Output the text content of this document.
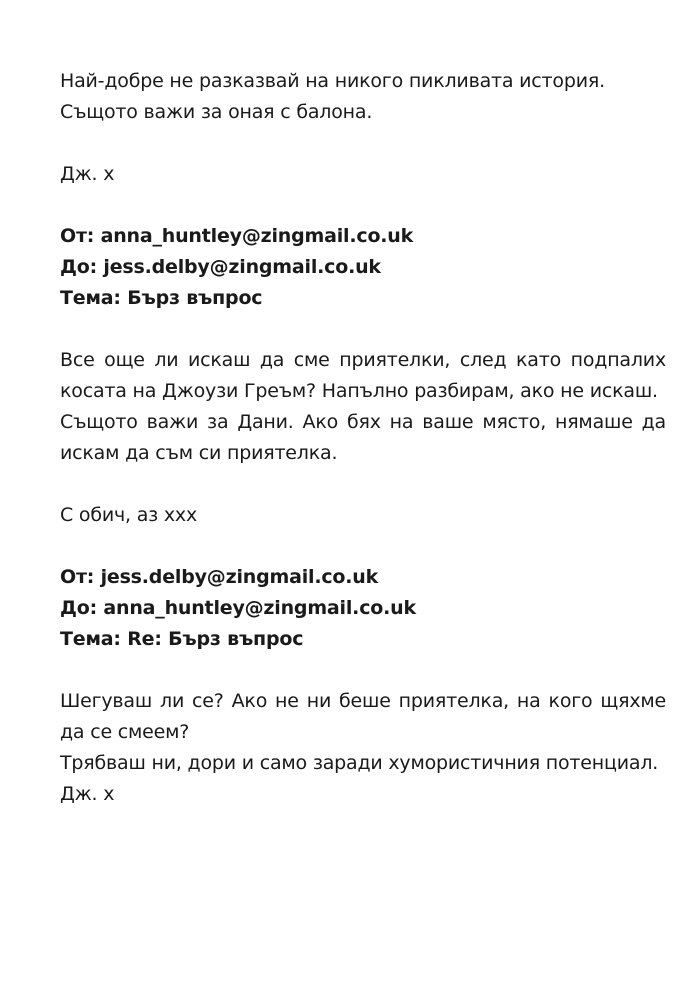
Най-добре не разказвай на никого пикливата история.

Същото важи за оная с балона.

Дж. х

От: anna_huntley@zingmail.co.uk

До: jess.delby@zingmail.co.uk

Тема: Бърз въпрос

Все още ли искаш да сме приятелки, след като подпалих косата на Джоузи Греъм? Напълно разбирам, ако не искаш.

Същото важи за Дани. Ако бях на ваше място, нямаше да искам да съм си приятелка.

С обич, аз ххх

От: jess.delby@zingmail.co.uk

До: anna_huntley@zingmail.co.uk

Тема: Re: Бърз въпрос

Шегуваш ли се? Ако не ни беше приятелка, на кого щяхме да се смеем?

Трябваш ни, дори и само заради хумористичния потенциал.

Дж. х
